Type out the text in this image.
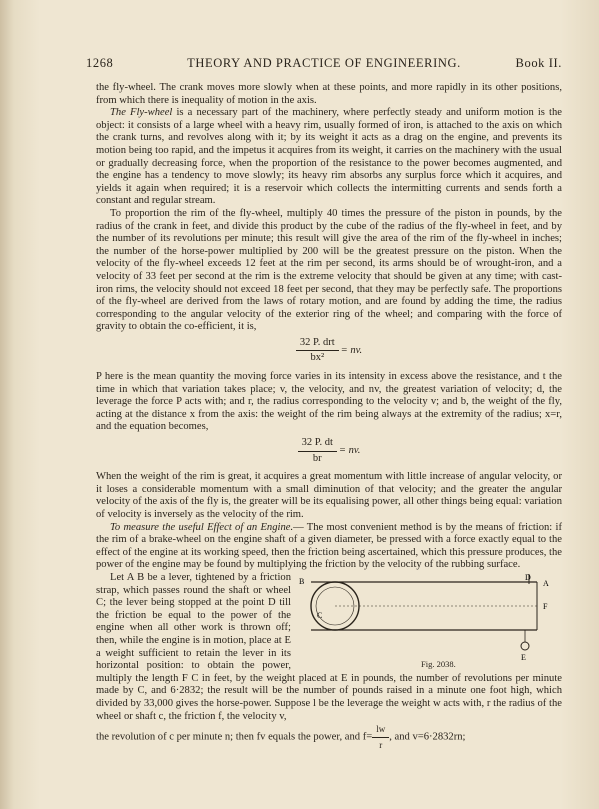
1268	THEORY AND PRACTICE OF ENGINEERING.	Book II.

the fly-wheel. The crank moves more slowly when at these points, and more rapidly in its other positions, from which there is inequality of motion in the axis.

The Fly-wheel is a necessary part of the machinery, where perfectly steady and uniform motion is the object: it consists of a large wheel with a heavy rim, usually formed of iron, is attached to the axis on which the crank turns, and revolves along with it; by its weight it acts as a drag on the engine, and prevents its motion being too rapid, and the impetus it acquires from its weight, it carries on the machinery with the usual or gradually decreasing force, when the proportion of the resistance to the power becomes augmented, and the engine has a tendency to move slowly; its heavy rim absorbs any surplus force which it acquires, and yields it again when required; it is a reservoir which collects the intermitting currents and sends forth a constant and regular stream.

To proportion the rim of the fly-wheel, multiply 40 times the pressure of the piston in pounds, by the radius of the crank in feet, and divide this product by the cube of the radius of the fly-wheel in feet, and by the number of its revolutions per minute; this result will give the area of the rim of the fly-wheel in inches; the number of the horse-power multiplied by 200 will be the greatest pressure on the piston. When the velocity of the fly-wheel exceeds 12 feet at the rim per second, its arms should be of wrought-iron, and a velocity of 33 feet per second at the rim is the extreme velocity that should be given at any time; with cast-iron rims, the velocity should not exceed 18 feet per second, that they may be perfectly safe. The proportions of the fly-wheel are derived from the laws of rotary motion, and are found by adding the time, the radius corresponding to the angular velocity of the exterior ring of the wheel; and comparing with the force of gravity to obtain the co-efficient, it is,

$\frac{\text{32 P. drt}}{\text{bx²}}$ = nv.

P here is the mean quantity the moving force varies in its intensity in excess above the resistance, and t the time in which that variation takes place; v, the velocity, and nv, the greatest variation of velocity; d, the leverage the force P acts with; and r, the radius corresponding to the velocity v; and b, the weight of the fly, acting at the distance x from the axis: the weight of the rim being always at the extremity of the radius; x=r, and the equation becomes,

$\frac{32 P. dt}{br}$ = nv.

When the weight of the rim is great, it acquires a great momentum with little increase of angular velocity, or it loses a considerable momentum with a small diminution of that velocity; and the greater the angular velocity of the axis of the fly is, the greater will be its equalising power, all other things being equal: variation of velocity is inversely as the velocity of the rim.

To measure the useful Effect of an Engine.— The most convenient method is by the means of friction: if the rim of a brake-wheel on the engine shaft of a given diameter, be pressed with a force exactly equal to the effect of the engine at its working speed, then the friction being ascertained, which this pressure produces, the power of the engine may be found by multiplying the friction by the velocity of the rubbing surface.

B
C
D
A
F
E
Fig. 2038.
Let A B be a lever, tightened by a friction strap, which passes round the shaft or wheel C; the lever being stopped at the point D till the friction be equal to the power of the engine when all other work is thrown off; then, while the engine is in motion, place at E a weight sufficient to retain the lever in its horizontal position: to obtain the power, multiply the length F C in feet, by the weight placed at E in pounds, the number of revolutions per minute made by C, and 6·2832; the result will be the number of pounds raised in a minute one foot high, which divided by 33,000 gives the horse-power. Suppose l be the leverage the weight w acts with, r the radius of the wheel or shaft c, the friction f, the velocity v,

the revolution of c per minute n; then fv equals the power, and $f= \frac{lw}{r}$ , and v=6·2832rn;
